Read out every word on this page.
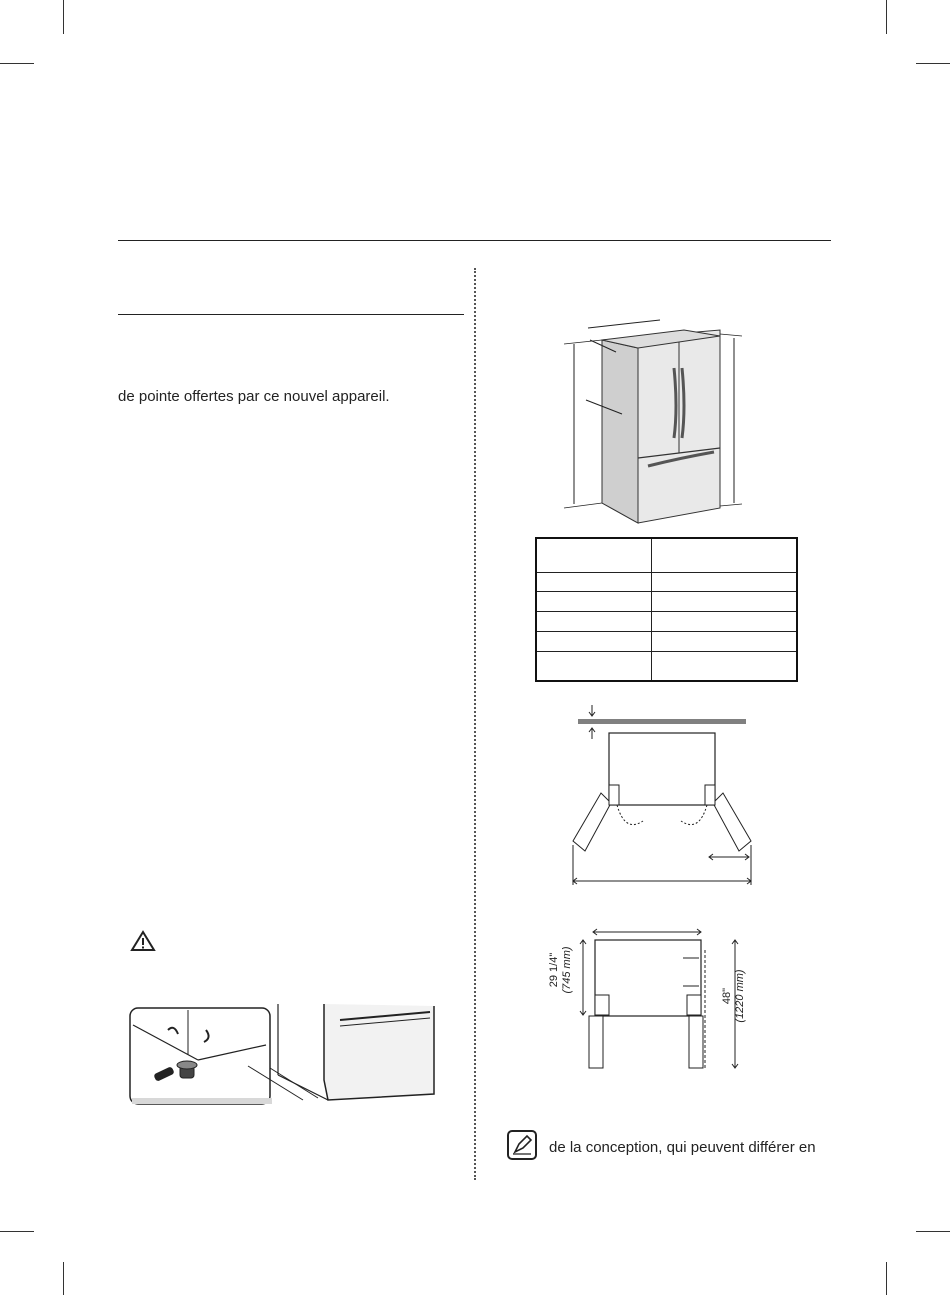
de pointe offertes par ce nouvel appareil.

29 1/4" (745 mm)
48" (1220 mm)
de la conception, qui peuvent différer en
